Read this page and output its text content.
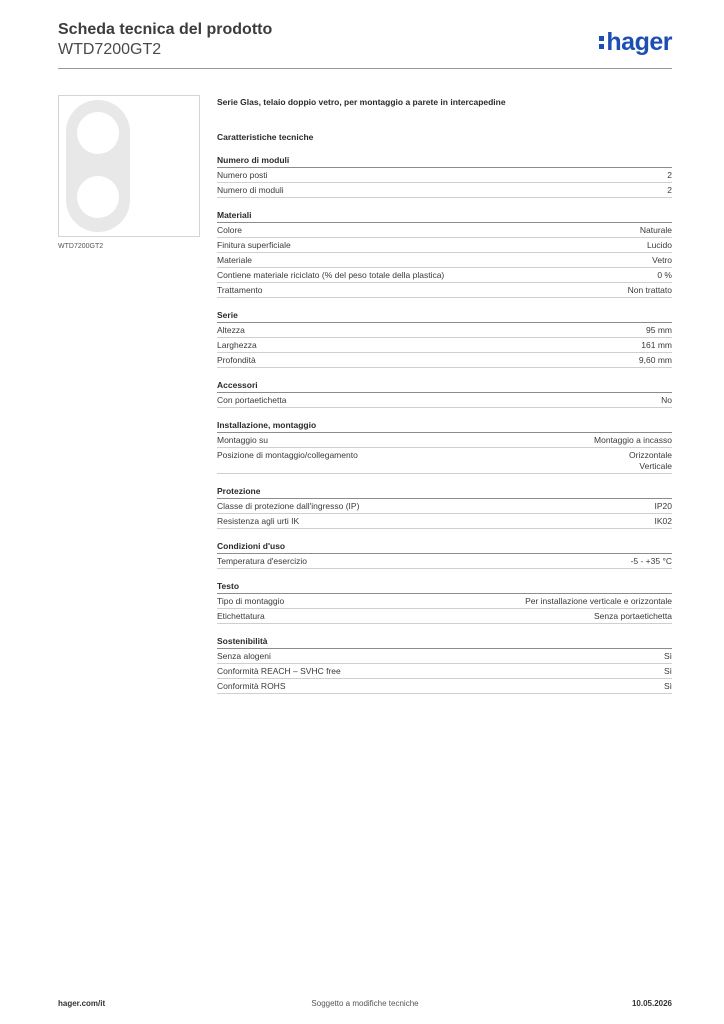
Scheda tecnica del prodotto
WTD7200GT2	hager
WTD7200GT2
Serie Glas, telaio doppio vetro, per montaggio a parete in intercapedine
Caratteristiche tecniche
Numero di moduli
Numero posti	2
Numero di moduli	2
Materiali
Colore	Naturale
Finitura superficiale	Lucido
Materiale	Vetro
Contiene materiale riciclato (% del peso totale della plastica)	0 %
Trattamento	Non trattato
Serie
Altezza	95 mm
Larghezza	161 mm
Profondità	9,60 mm
Accessori
Con portaetichetta	No
Installazione, montaggio
Montaggio su	Montaggio a incasso
Posizione di montaggio/collegamento	Orizzontale
Verticale
Protezione
Classe di protezione dall'ingresso (IP)	IP20
Resistenza agli urti IK	IK02
Condizioni d'uso
Temperatura d'esercizio	-5 - +35 °C
Testo
Tipo di montaggio	Per installazione verticale e orizzontale
Etichettatura	Senza portaetichetta
Sostenibilità
Senza alogeni	Sì
Conformità REACH – SVHC free	Sì
Conformità ROHS	Sì
Soggetto a modifiche tecniche
hager.com/it	10.05.2026
